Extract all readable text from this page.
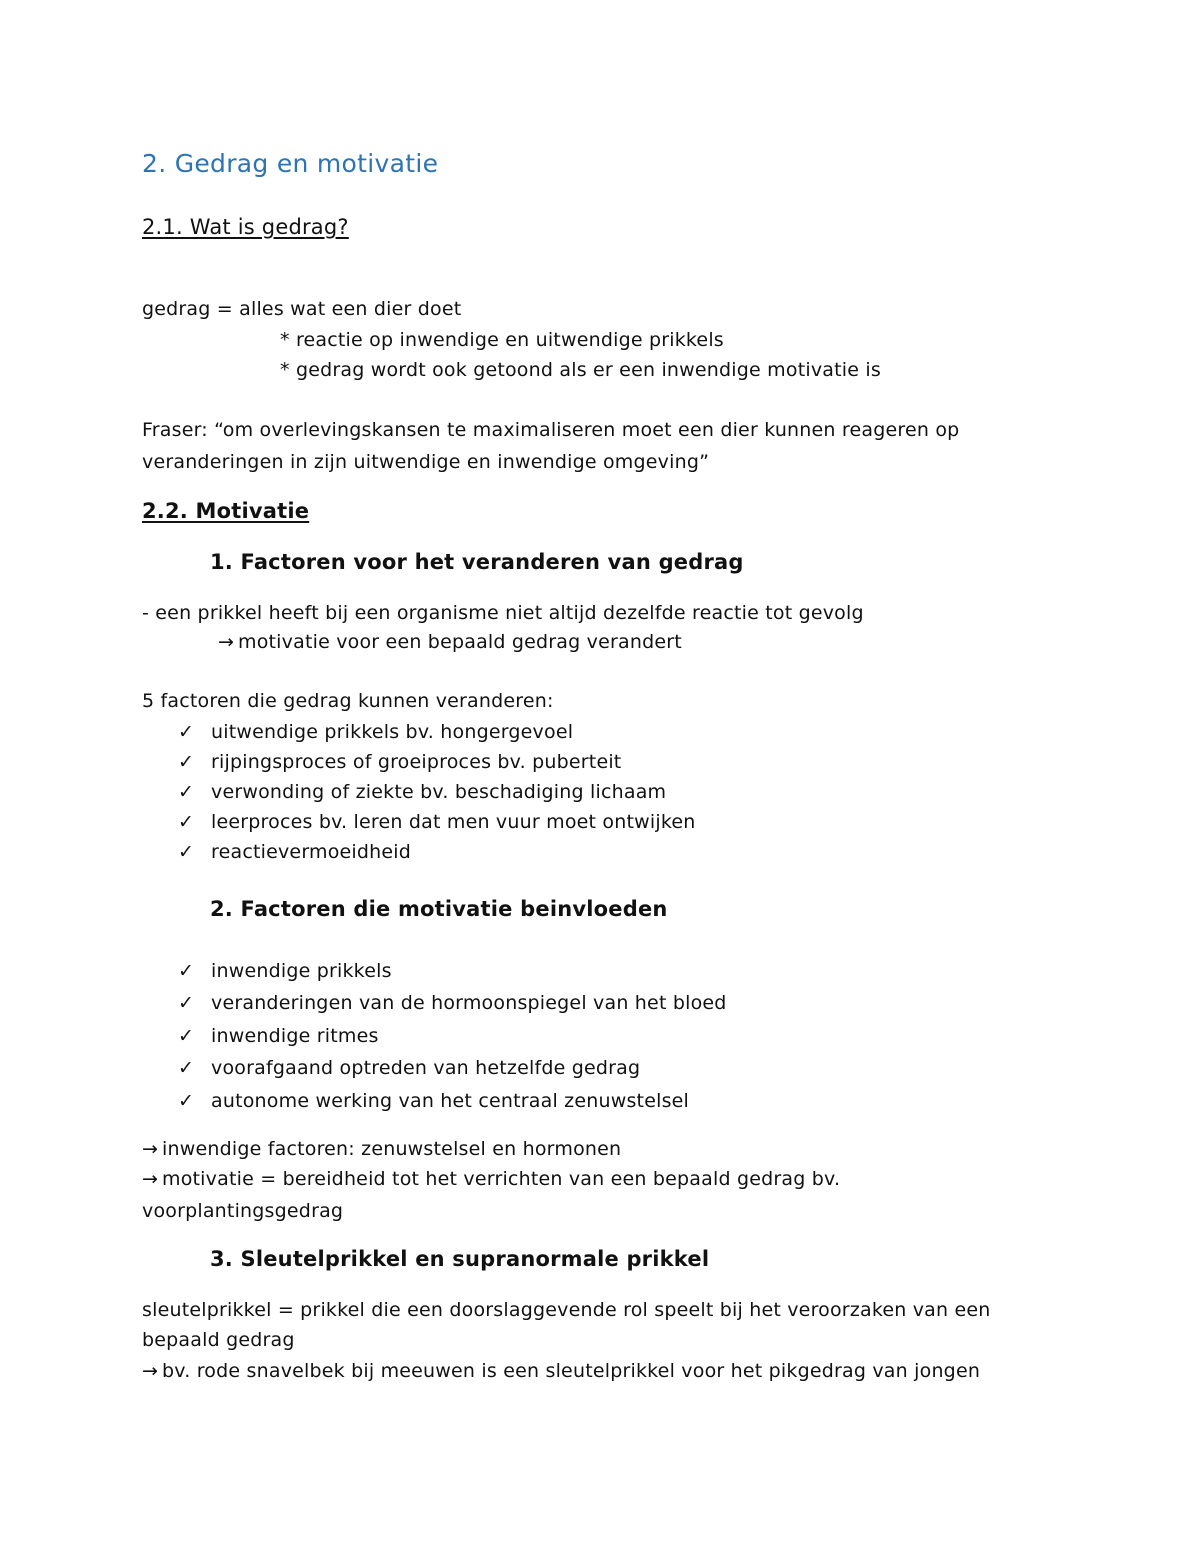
2. Gedrag en motivatie
2.1. Wat is gedrag?
gedrag = alles wat een dier doet
* reactie op inwendige en uitwendige prikkels
* gedrag wordt ook getoond als er een inwendige motivatie is
Fraser: “om overlevingskansen te maximaliseren moet een dier kunnen reageren op
veranderingen in zijn uitwendige en inwendige omgeving”
2.2. Motivatie
1. Factoren voor het veranderen van gedrag
- een prikkel heeft bij een organisme niet altijd dezelfde reactie tot gevolg
→ motivatie voor een bepaald gedrag verandert
5 factoren die gedrag kunnen veranderen:
✓ uitwendige prikkels bv. hongergevoel
✓ rijpingsproces of groeiproces bv. puberteit
✓ verwonding of ziekte bv. beschadiging lichaam
✓ leerproces bv. leren dat men vuur moet ontwijken
✓ reactievermoeidheid
2. Factoren die motivatie beinvloeden
✓ inwendige prikkels
✓ veranderingen van de hormoonspiegel van het bloed
✓ inwendige ritmes
✓ voorafgaand optreden van hetzelfde gedrag
✓ autonome werking van het centraal zenuwstelsel
→ inwendige factoren: zenuwstelsel en hormonen
→ motivatie = bereidheid tot het verrichten van een bepaald gedrag bv.
voorplantingsgedrag
3. Sleutelprikkel en supranormale prikkel
sleutelprikkel = prikkel die een doorslaggevende rol speelt bij het veroorzaken van een
bepaald gedrag
→ bv. rode snavelbek bij meeuwen is een sleutelprikkel voor het pikgedrag van jongen
